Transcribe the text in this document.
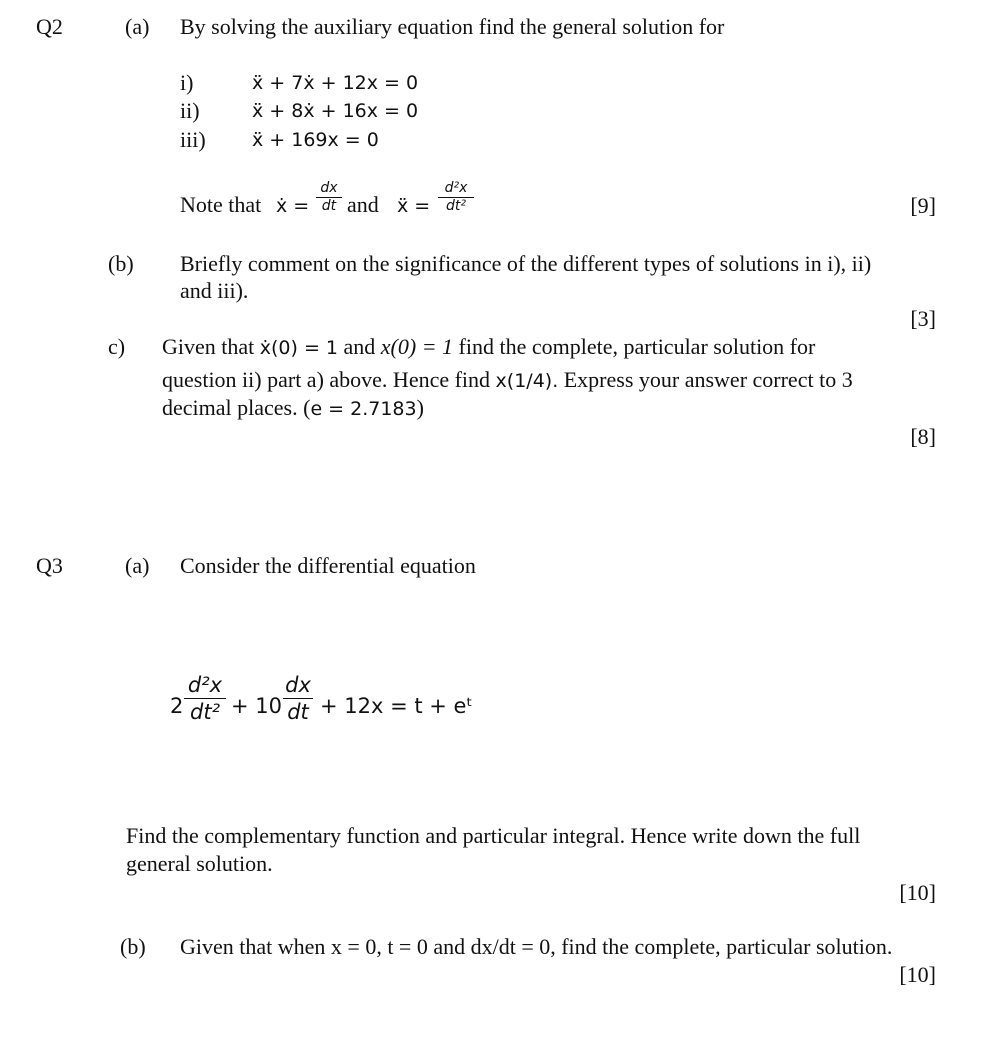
Q2	(a) By solving the auxiliary equation find the general solution for
i)	ẍ + 7ẋ + 12x = 0
ii)	ẍ + 8ẋ + 16x = 0
iii) ẍ + 169x = 0
Note that ẋ =
dx
dt and ẍ =
d²x
dt²	[9]
(b) Briefly comment on the significance of the different types of solutions in i), ii)
and iii).
[3]
c) Given that ẋ(0) = 1 and x(0) = 1 find the complete, particular solution for
question ii) part a) above. Hence find x(1/4). Express your answer correct to 3
decimal places. (e = 2.7183)
[8]
Q3	(a) Consider the differential equation
2
d²x
dt² + 10
dx
dt + 12x = t + eᵗ
Find the complementary function and particular integral. Hence write down the full
general solution.
[10]
(b) Given that when x = 0, t = 0 and dx/dt = 0, find the complete, particular solution.
[10]
